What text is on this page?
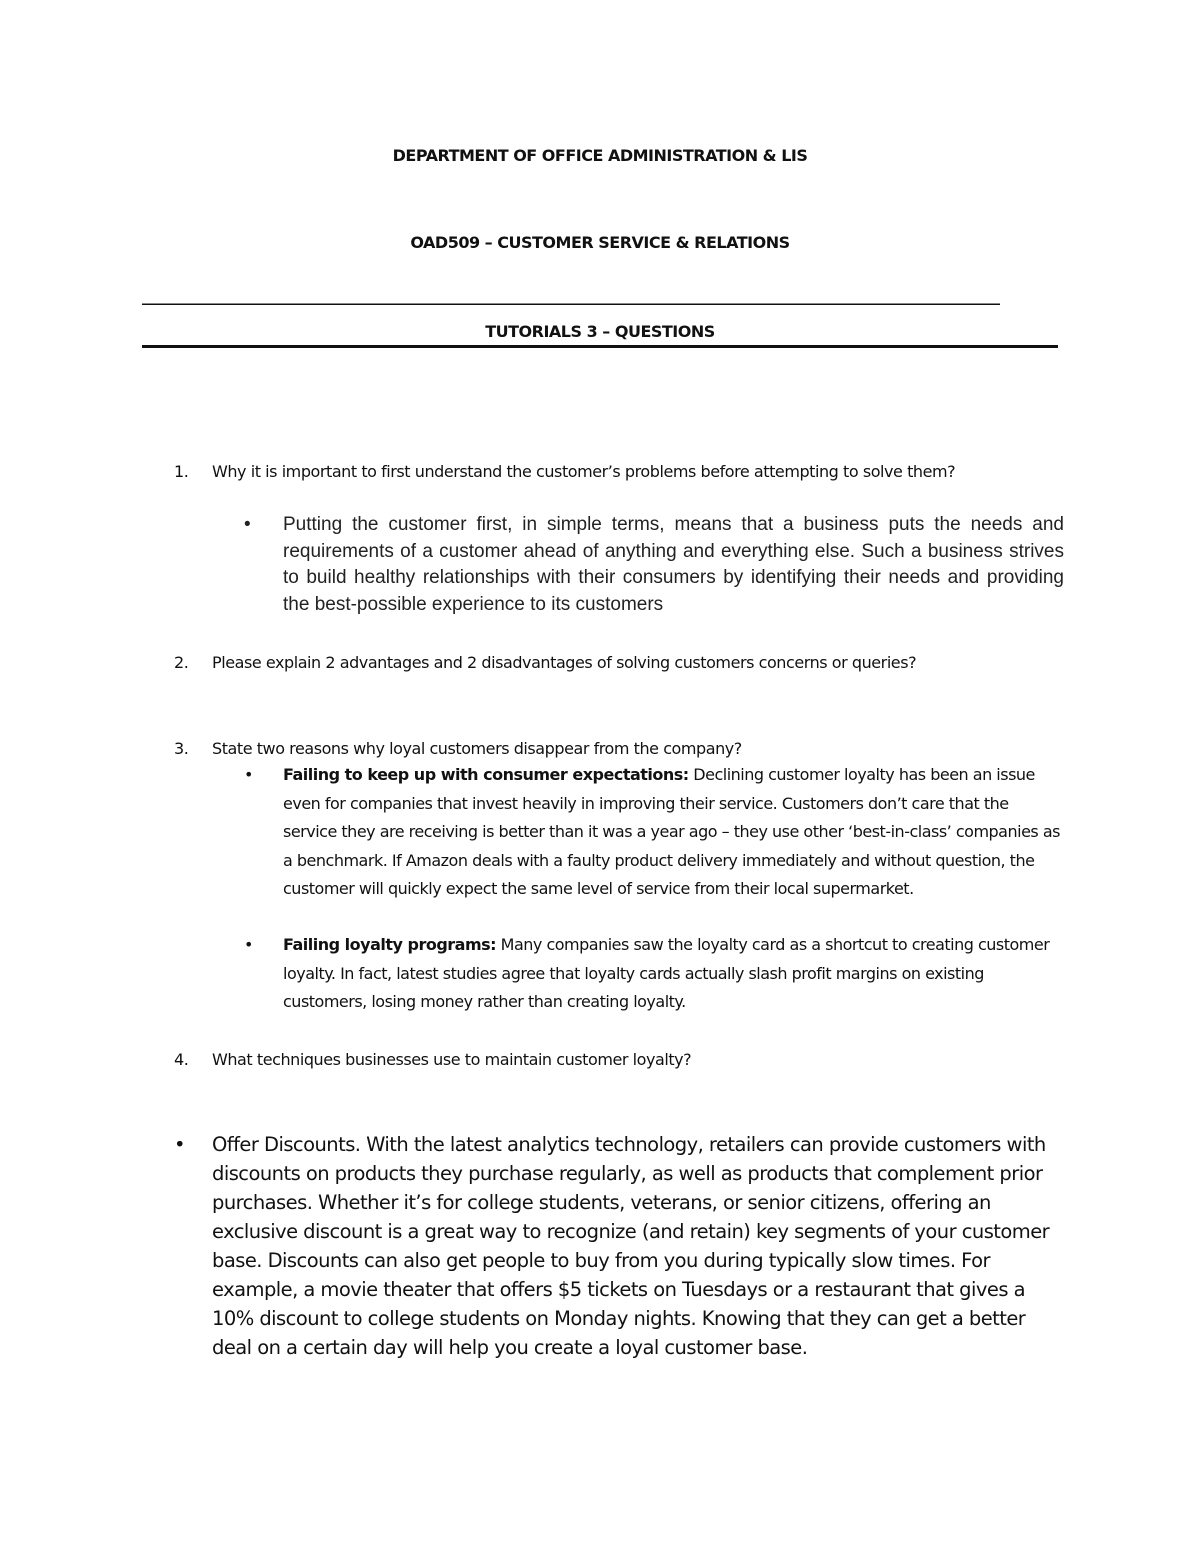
DEPARTMENT OF OFFICE ADMINISTRATION & LIS
OAD509 – CUSTOMER SERVICE & RELATIONS
______________________________________________________________________________________________________________________________
TUTORIALS 3 – QUESTIONS
1. Why it is important to first understand the customer’s problems before attempting to solve them?
• Putting the customer first, in simple terms, means that a business puts the needs and requirements of a customer ahead of anything and everything else. Such a business strives to build healthy relationships with their consumers by identifying their needs and providing the best-possible experience to its customers
2. Please explain 2 advantages and 2 disadvantages of solving customers concerns or queries?
3. State two reasons why loyal customers disappear from the company?
• Failing to keep up with consumer expectations: Declining customer loyalty has been an issue even for companies that invest heavily in improving their service. Customers don’t care that the service they are receiving is better than it was a year ago – they use other ‘best-in-class’ companies as a benchmark. If Amazon deals with a faulty product delivery immediately and without question, the customer will quickly expect the same level of service from their local supermarket.
• Failing loyalty programs: Many companies saw the loyalty card as a shortcut to creating customer loyalty. In fact, latest studies agree that loyalty cards actually slash profit margins on existing customers, losing money rather than creating loyalty.
4. What techniques businesses use to maintain customer loyalty?
• Offer Discounts. With the latest analytics technology, retailers can provide customers with discounts on products they purchase regularly, as well as products that complement prior purchases. Whether it’s for college students, veterans, or senior citizens, offering an exclusive discount is a great way to recognize (and retain) key segments of your customer base. Discounts can also get people to buy from you during typically slow times. For example, a movie theater that offers $5 tickets on Tuesdays or a restaurant that gives a 10% discount to college students on Monday nights. Knowing that they can get a better deal on a certain day will help you create a loyal customer base.
